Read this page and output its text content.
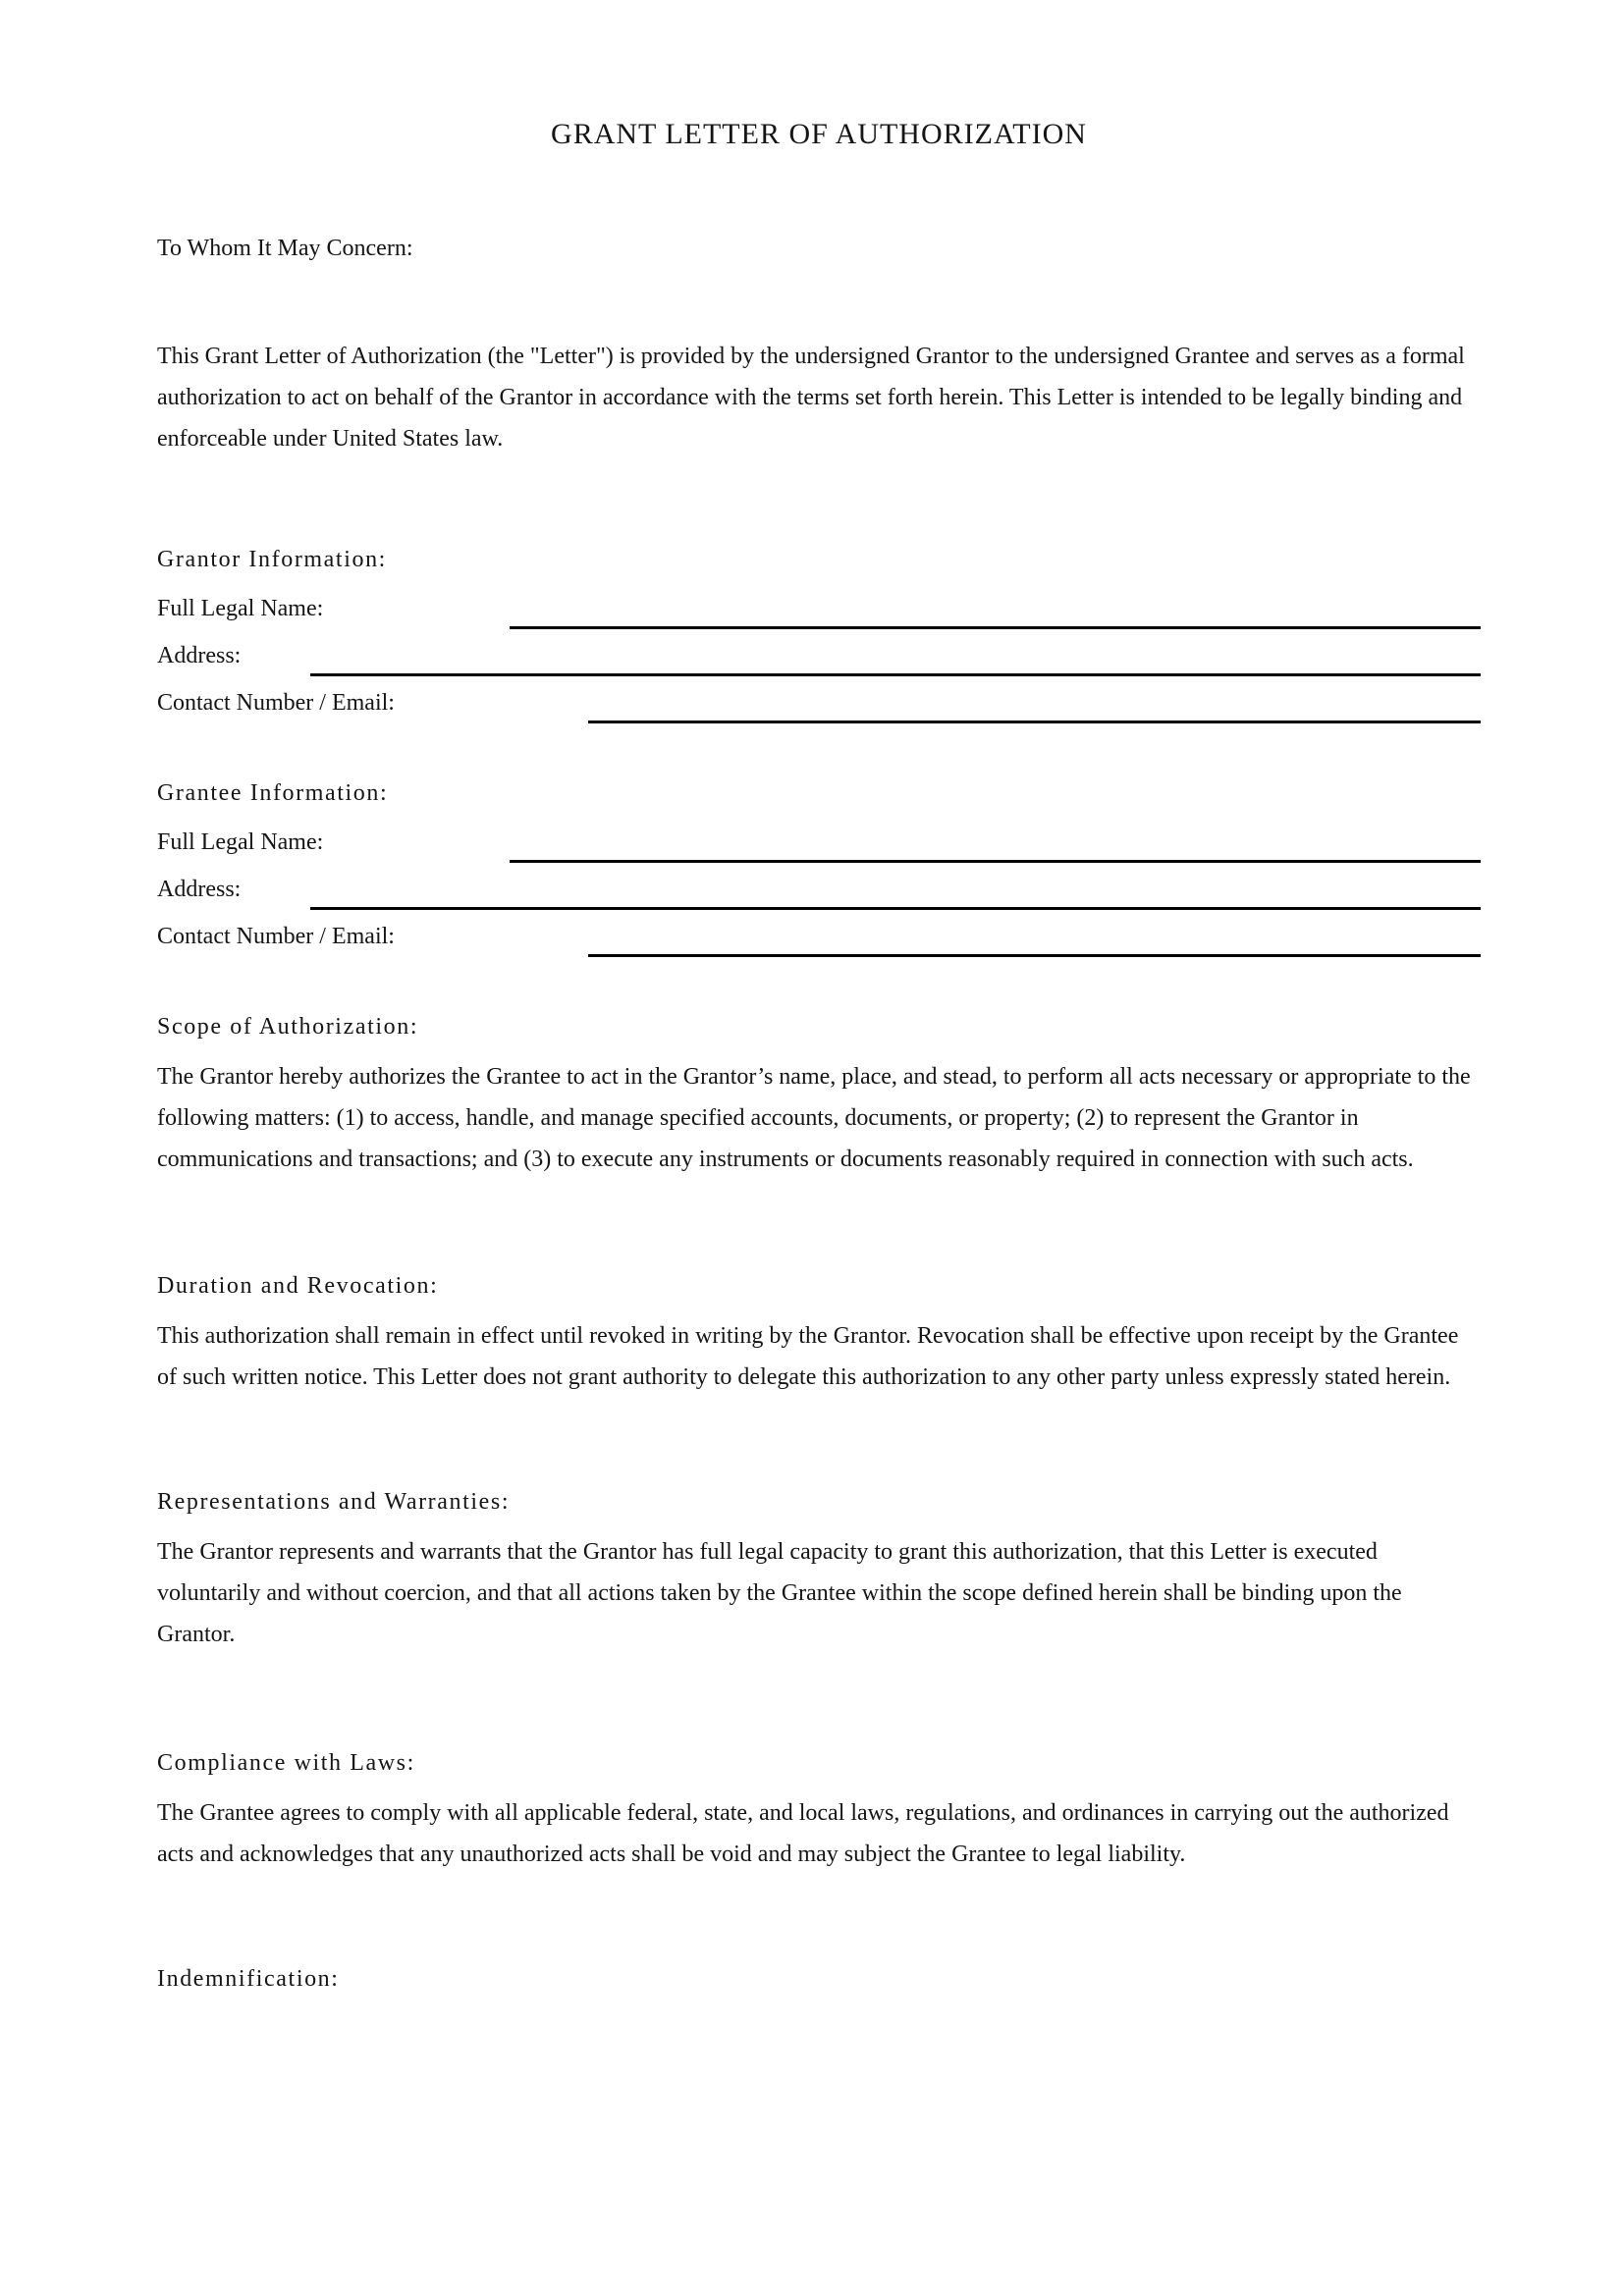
GRANT LETTER OF AUTHORIZATION

To Whom It May Concern:

This Grant Letter of Authorization (the "Letter") is provided by the undersigned Grantor to the undersigned Grantee and serves as a formal authorization to act on behalf of the Grantor in accordance with the terms set forth herein. This Letter is intended to be legally binding and enforceable under United States law.

Grantor Information:
Full Legal Name:
Address:
Contact Number / Email:
Grantee Information:
Full Legal Name:
Address:
Contact Number / Email:
Scope of Authorization:

The Grantor hereby authorizes the Grantee to act in the Grantor’s name, place, and stead, to perform all acts necessary or appropriate to the following matters: (1) to access, handle, and manage specified accounts, documents, or property; (2) to represent the Grantor in communications and transactions; and (3) to execute any instruments or documents reasonably required in connection with such acts.

Duration and Revocation:

This authorization shall remain in effect until revoked in writing by the Grantor. Revocation shall be effective upon receipt by the Grantee of such written notice. This Letter does not grant authority to delegate this authorization to any other party unless expressly stated herein.

Representations and Warranties:

The Grantor represents and warrants that the Grantor has full legal capacity to grant this authorization, that this Letter is executed voluntarily and without coercion, and that all actions taken by the Grantee within the scope defined herein shall be binding upon the Grantor.

Compliance with Laws:

The Grantee agrees to comply with all applicable federal, state, and local laws, regulations, and ordinances in carrying out the authorized acts and acknowledges that any unauthorized acts shall be void and may subject the Grantee to legal liability.

Indemnification:
